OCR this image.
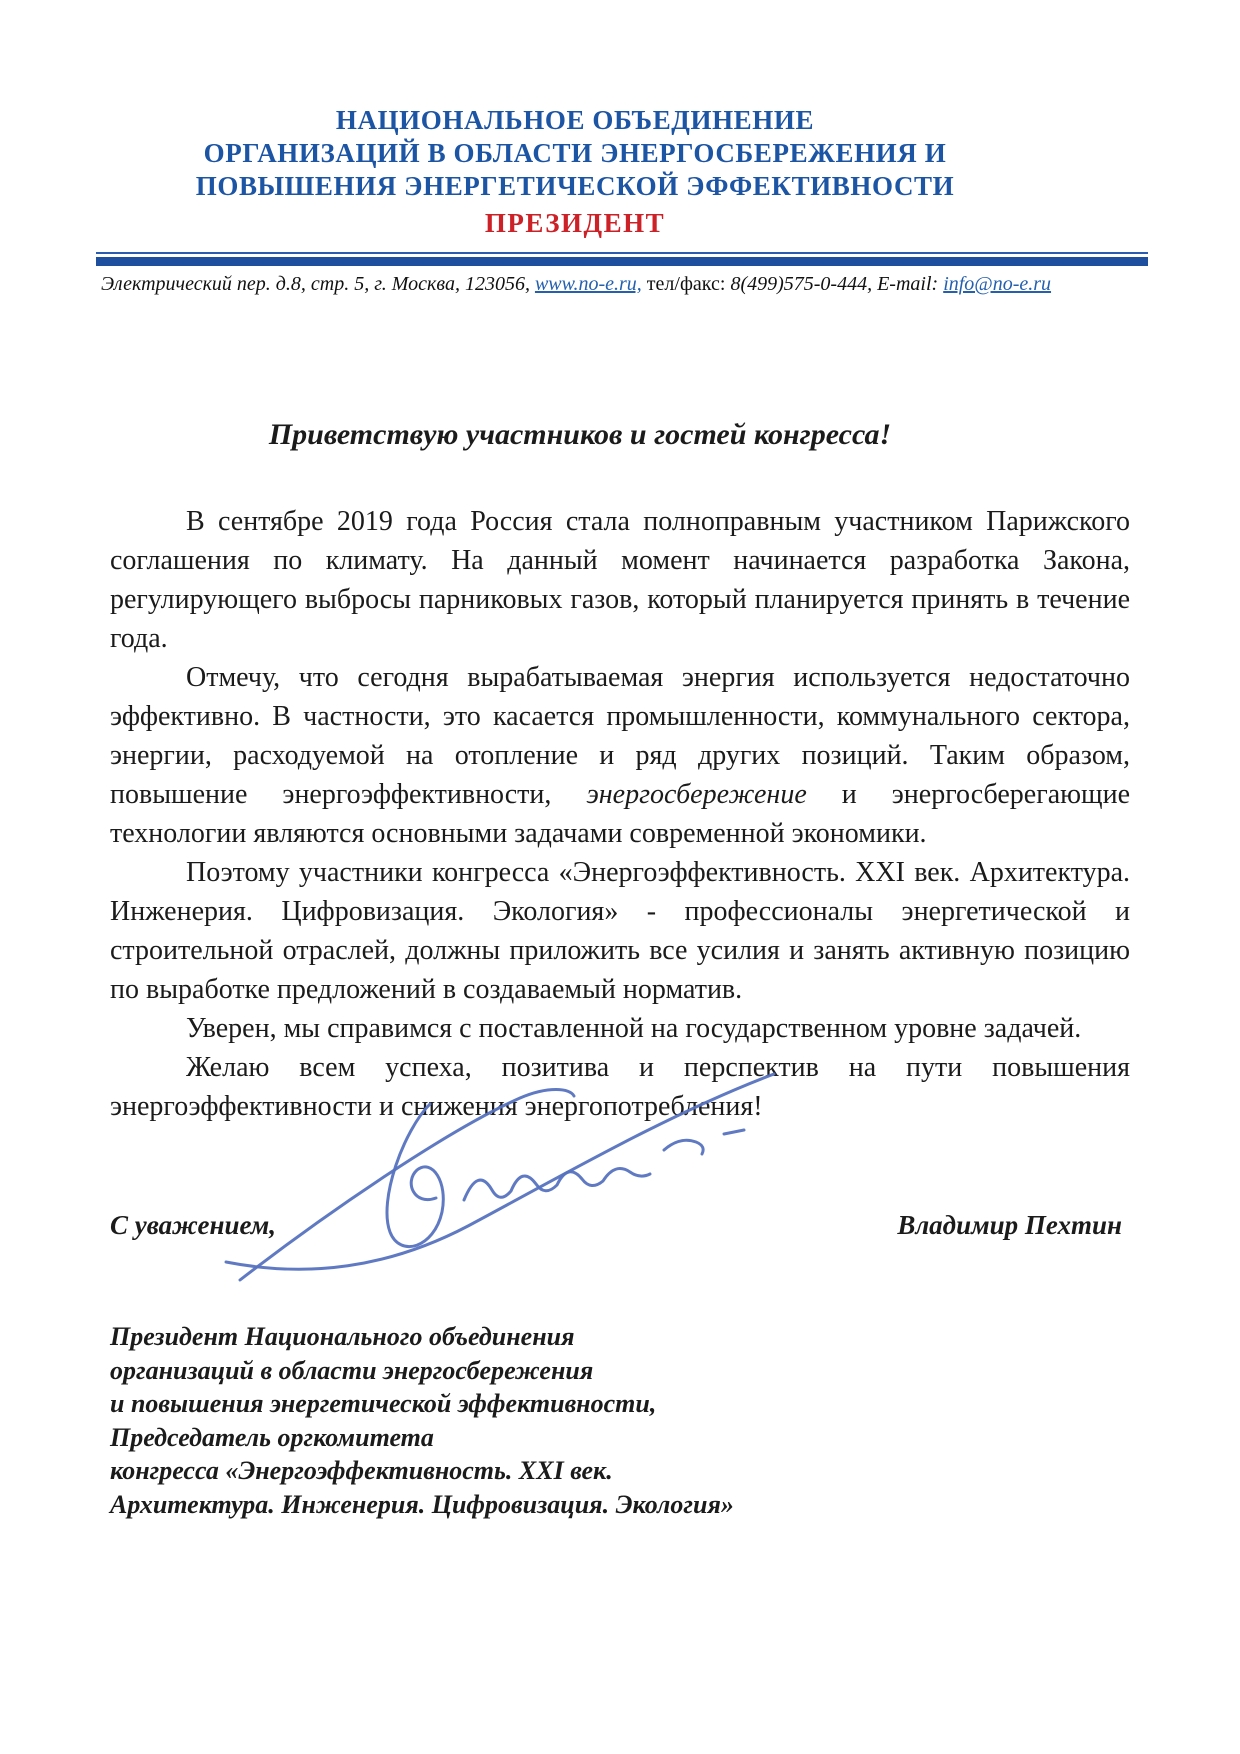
НАЦИОНАЛЬНОЕ ОБЪЕДИНЕНИЕ
ОРГАНИЗАЦИЙ В ОБЛАСТИ ЭНЕРГОСБЕРЕЖЕНИЯ И
ПОВЫШЕНИЯ ЭНЕРГЕТИЧЕСКОЙ ЭФФЕКТИВНОСТИ
ПРЕЗИДЕНТ
Электрический пер. д.8, стр. 5, г. Москва, 123056, www.no-e.ru, тел/факс: 8(499)575-0-444, E-mail: info@no-e.ru
Приветствую участников и гостей конгресса!

В сентябре 2019 года Россия стала полноправным участником Парижского соглашения по климату. На данный момент начинается разработка Закона, регулирующего выбросы парниковых газов, который планируется принять в течение года.

Отмечу, что сегодня вырабатываемая энергия используется недостаточно эффективно. В частности, это касается промышленности, коммунального сектора, энергии, расходуемой на отопление и ряд других позиций. Таким образом, повышение энергоэффективности, энергосбережение и энергосберегающие технологии являются основными задачами современной экономики.

Поэтому участники конгресса «Энергоэффективность. XXI век. Архитектура. Инженерия. Цифровизация. Экология» - профессионалы энергетической и строительной отраслей, должны приложить все усилия и занять активную позицию по выработке предложений в создаваемый норматив.

Уверен, мы справимся с поставленной на государственном уровне задачей.

Желаю всем успеха, позитива и перспектив на пути повышения энергоэффективности и снижения энергопотребления!

С уважением,	Владимир Пехтин
Президент Национального объединения
организаций в области энергосбережения
и повышения энергетической эффективности,
Председатель оргкомитета
конгресса «Энергоэффективность. XXI век.
Архитектура. Инженерия. Цифровизация. Экология»
